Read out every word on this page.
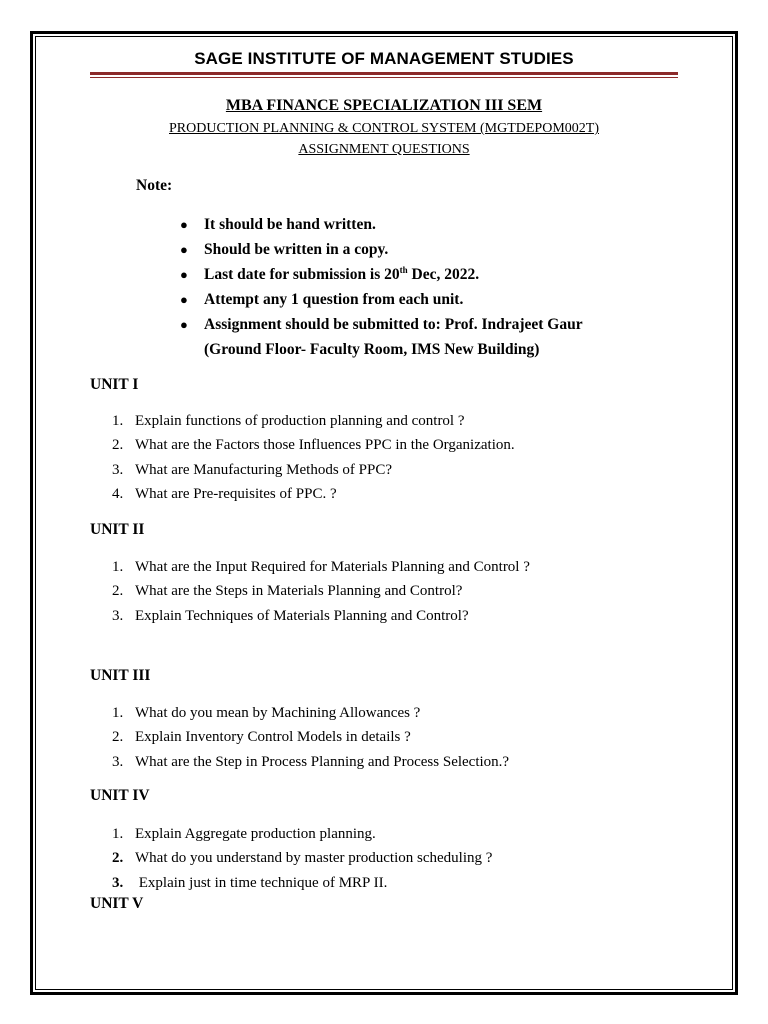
SAGE INSTITUTE OF MANAGEMENT STUDIES
MBA FINANCE SPECIALIZATION III SEM
PRODUCTION PLANNING & CONTROL SYSTEM (MGTDEPOM002T)
ASSIGNMENT QUESTIONS
Note:
● It should be hand written.
● Should be written in a copy.
● Last date for submission is 20th Dec, 2022.
● Attempt any 1 question from each unit.
● Assignment should be submitted to: Prof. Indrajeet Gaur
(Ground Floor- Faculty Room, IMS New Building)
UNIT I
1. Explain functions of production planning and control ?
2. What are the Factors those Influences PPC in the Organization.
3. What are Manufacturing Methods of PPC?
4. What are Pre-requisites of PPC. ?
UNIT II
1. What are the Input Required for Materials Planning and Control ?
2. What are the Steps in Materials Planning and Control?
3. Explain Techniques of Materials Planning and Control?
UNIT III
1. What do you mean by Machining Allowances ?
2. Explain Inventory Control Models in details ?
3. What are the Step in Process Planning and Process Selection.?
UNIT IV
1. Explain Aggregate production planning.
2. What do you understand by master production scheduling ?
3. Explain just in time technique of MRP II.
UNIT V
